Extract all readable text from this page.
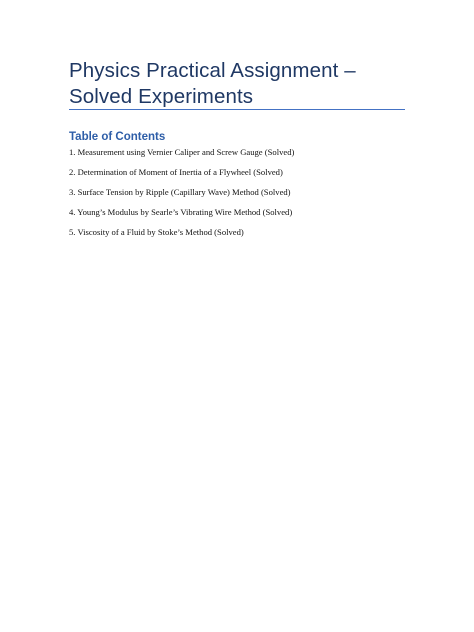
Physics Practical Assignment – Solved Experiments
Table of Contents
1. Measurement using Vernier Caliper and Screw Gauge (Solved)
2. Determination of Moment of Inertia of a Flywheel (Solved)
3. Surface Tension by Ripple (Capillary Wave) Method (Solved)
4. Young’s Modulus by Searle’s Vibrating Wire Method (Solved)
5. Viscosity of a Fluid by Stoke’s Method (Solved)
